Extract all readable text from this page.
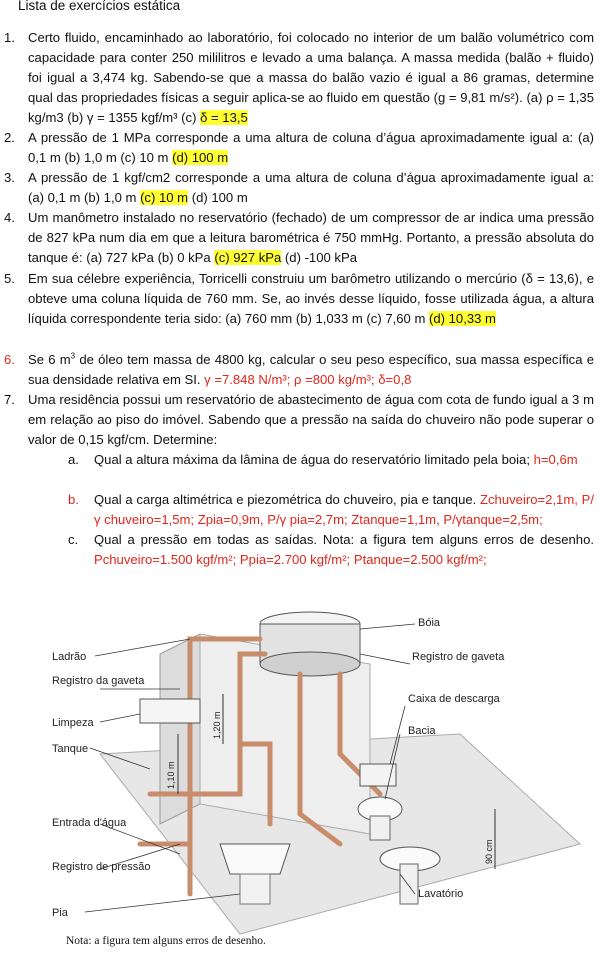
Lista de exercícios estática
1. Certo fluido, encaminhado ao laboratório, foi colocado no interior de um balão volumétrico com capacidade para conter 250 mililitros e levado a uma balança. A massa medida (balão + fluido) foi igual a 3,474 kg. Sabendo-se que a massa do balão vazio é igual a 86 gramas, determine qual das propriedades físicas a seguir aplica-se ao fluido em questão (g = 9,81 m/s²). (a) ρ = 1,35 kg/m3 (b) γ = 1355 kgf/m³ (c) δ = 13,5
2. A pressão de 1 MPa corresponde a uma altura de coluna d’água aproximadamente igual a: (a) 0,1 m (b) 1,0 m (c) 10 m (d) 100 m
3. A pressão de 1 kgf/cm2 corresponde a uma altura de coluna d’água aproximadamente igual a: (a) 0,1 m (b) 1,0 m (c) 10 m (d) 100 m
4. Um manômetro instalado no reservatório (fechado) de um compressor de ar indica uma pressão de 827 kPa num dia em que a leitura barométrica é 750 mmHg. Portanto, a pressão absoluta do tanque é: (a) 727 kPa (b) 0 kPa (c) 927 kPa (d) -100 kPa
5. Em sua célebre experiência, Torricelli construiu um barômetro utilizando o mercúrio (δ = 13,6), e obteve uma coluna líquida de 760 mm. Se, ao invés desse líquido, fosse utilizada água, a altura líquida correspondente teria sido: (a) 760 mm (b) 1,033 m (c) 7,60 m (d) 10,33 m
6. Se 6 $m^3$ de óleo tem massa de 4800 kg, calcular o seu peso específico, sua massa específica e sua densidade relativa em SI. γ =7.848 N/m³; ρ =800 kg/m³; δ=0,8
7. Uma residência possui um reservatório de abastecimento de água com cota de fundo igual a 3 m em relação ao piso do imóvel. Sabendo que a pressão na saída do chuveiro não pode superar o valor de 0,15 kgf/cm. Determine:
a.	Qual a altura máxima da lâmina de água do reservatório limitado pela boia; h=0,6m
b.	Qual a carga altimétrica e piezométrica do chuveiro, pia e tanque. Zchuveiro=2,1m, P/γ chuveiro=1,5m; Zpia=0,9m, P/γ pia=2,7m; Ztanque=1,1m, P/γtanque=2,5m;
c.	Qual a pressão em todas as saídas. Nota: a figura tem alguns erros de desenho. Pchuveiro=1.500 kgf/m²; Ppia=2.700 kgf/m²; Ptanque=2.500 kgf/m²;
Ladrão
Registro da gaveta
Limpeza
Tanque
Entrada d'água
Registro de pressão
Pia
Bóia
Registro de gaveta
Caixa de descarga
Bacia
Lavatório
1,10 m
1,20 m
90 cm
Nota: a figura tem alguns erros de desenho.
